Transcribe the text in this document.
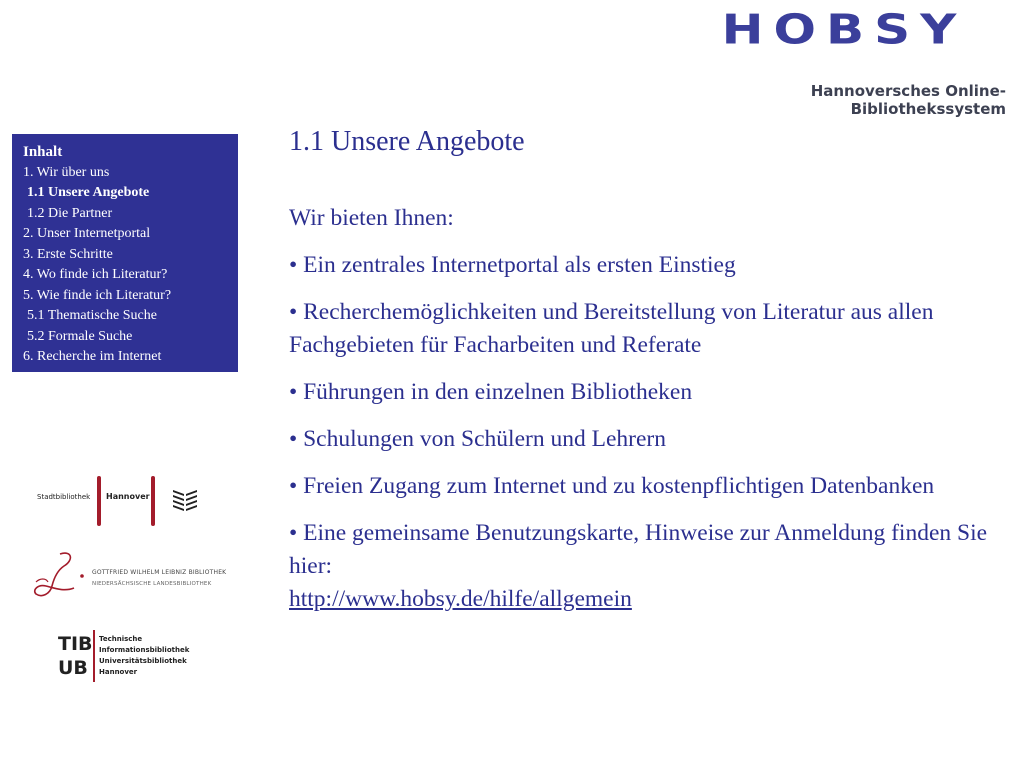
HOBSY
Hannoversches Online-Bibliothekssystem
Inhalt
1. Wir über uns
1.1 Unsere Angebote
1.2 Die Partner
2. Unser Internetportal
3. Erste Schritte
4. Wo finde ich Literatur?
5. Wie finde ich Literatur?
5.1 Thematische Suche
5.2 Formale Suche
6. Recherche im Internet
Stadtbibliothek Hannover
GOTTFRIED WILHELM LEIBNIZ BIBLIOTHEK
NIEDERSÄCHSISCHE LANDESBIBLIOTHEK
TIB
UB
Technische
Informationsbibliothek
Universitätsbibliothek
Hannover
1.1 Unsere Angebote

Wir bieten Ihnen:

• Ein zentrales Internetportal als ersten Einstieg

• Recherchemöglichkeiten und Bereitstellung von Literatur aus allen Fachgebieten für Facharbeiten und Referate

• Führungen in den einzelnen Bibliotheken

• Schulungen von Schülern und Lehrern

• Freien Zugang zum Internet und zu kostenpflichtigen Datenbanken

• Eine gemeinsame Benutzungskarte, Hinweise zur Anmeldung finden Sie hier:
http://www.hobsy.de/hilfe/allgemein
